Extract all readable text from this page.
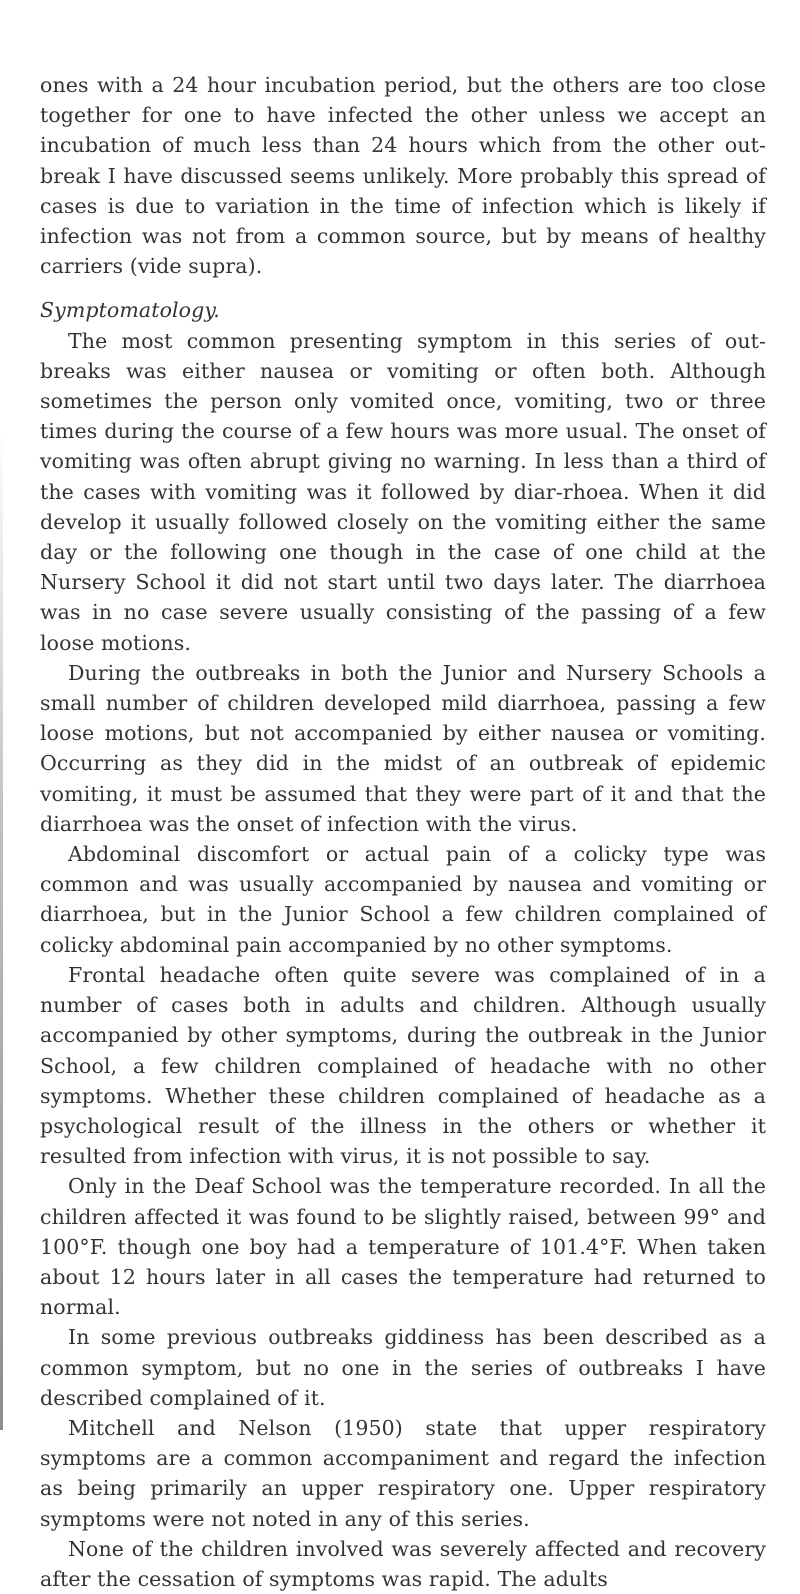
ones with a 24 hour incubation period, but the others are too close together for one to have infected the other unless we accept an incubation of much less than 24 hours which from the other out-break I have discussed seems unlikely. More probably this spread of cases is due to variation in the time of infection which is likely if infection was not from a common source, but by means of healthy carriers (vide supra).

Symptomatology.

The most common presenting symptom in this series of out-breaks was either nausea or vomiting or often both. Although sometimes the person only vomited once, vomiting, two or three times during the course of a few hours was more usual. The onset of vomiting was often abrupt giving no warning. In less than a third of the cases with vomiting was it followed by diar-rhoea. When it did develop it usually followed closely on the vomiting either the same day or the following one though in the case of one child at the Nursery School it did not start until two days later. The diarrhoea was in no case severe usually consisting of the passing of a few loose motions.

During the outbreaks in both the Junior and Nursery Schools a small number of children developed mild diarrhoea, passing a few loose motions, but not accompanied by either nausea or vomiting. Occurring as they did in the midst of an outbreak of epidemic vomiting, it must be assumed that they were part of it and that the diarrhoea was the onset of infection with the virus.

Abdominal discomfort or actual pain of a colicky type was common and was usually accompanied by nausea and vomiting or diarrhoea, but in the Junior School a few children complained of colicky abdominal pain accompanied by no other symptoms.

Frontal headache often quite severe was complained of in a number of cases both in adults and children. Although usually accompanied by other symptoms, during the outbreak in the Junior School, a few children complained of headache with no other symptoms. Whether these children complained of headache as a psychological result of the illness in the others or whether it resulted from infection with virus, it is not possible to say.

Only in the Deaf School was the temperature recorded. In all the children affected it was found to be slightly raised, between 99° and 100°F. though one boy had a temperature of 101.4°F. When taken about 12 hours later in all cases the temperature had returned to normal.

In some previous outbreaks giddiness has been described as a common symptom, but no one in the series of outbreaks I have described complained of it.

Mitchell and Nelson (1950) state that upper respiratory symptoms are a common accompaniment and regard the infection as being primarily an upper respiratory one. Upper respiratory symptoms were not noted in any of this series.

None of the children involved was severely affected and recovery after the cessation of symptoms was rapid. The adults
